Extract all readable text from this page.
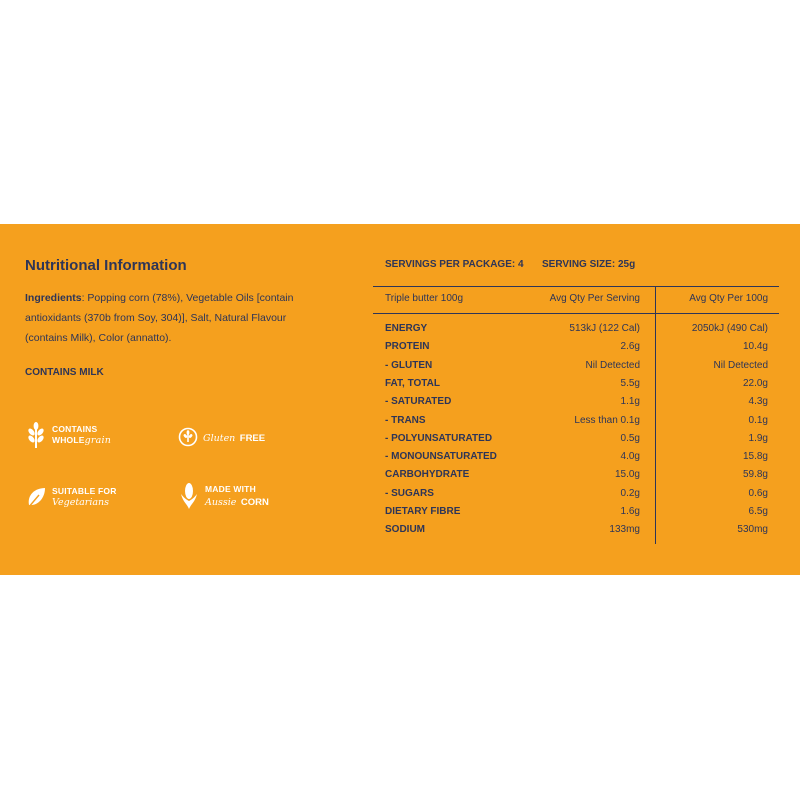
Nutritional Information
Ingredients: Popping corn (78%), Vegetable Oils [contain antioxidants (370b from Soy, 304)], Salt, Natural Flavour (contains Milk), Color (annatto).
CONTAINS MILK
CONTAINS
WHOLEgrain	Gluten FREE
SUITABLE FOR
Vegetarians
MADE WITH
Aussie CORN
SERVINGS PER PACKAGE: 4 SERVING SIZE: 25g
Triple butter 100g	Avg Qty Per Serving	Avg Qty Per 100g
ENERGY	513kJ (122 Cal)	2050kJ (490 Cal)
PROTEIN	2.6g	10.4g
- GLUTEN	Nil Detected	Nil Detected
FAT, TOTAL	5.5g	22.0g
- SATURATED	1.1g	4.3g
- TRANS	Less than 0.1g	0.1g
- POLYUNSATURATED	0.5g	1.9g
- MONOUNSATURATED	4.0g	15.8g
CARBOHYDRATE	15.0g	59.8g
- SUGARS	0.2g	0.6g
DIETARY FIBRE	1.6g	6.5g
SODIUM	133mg	530mg
